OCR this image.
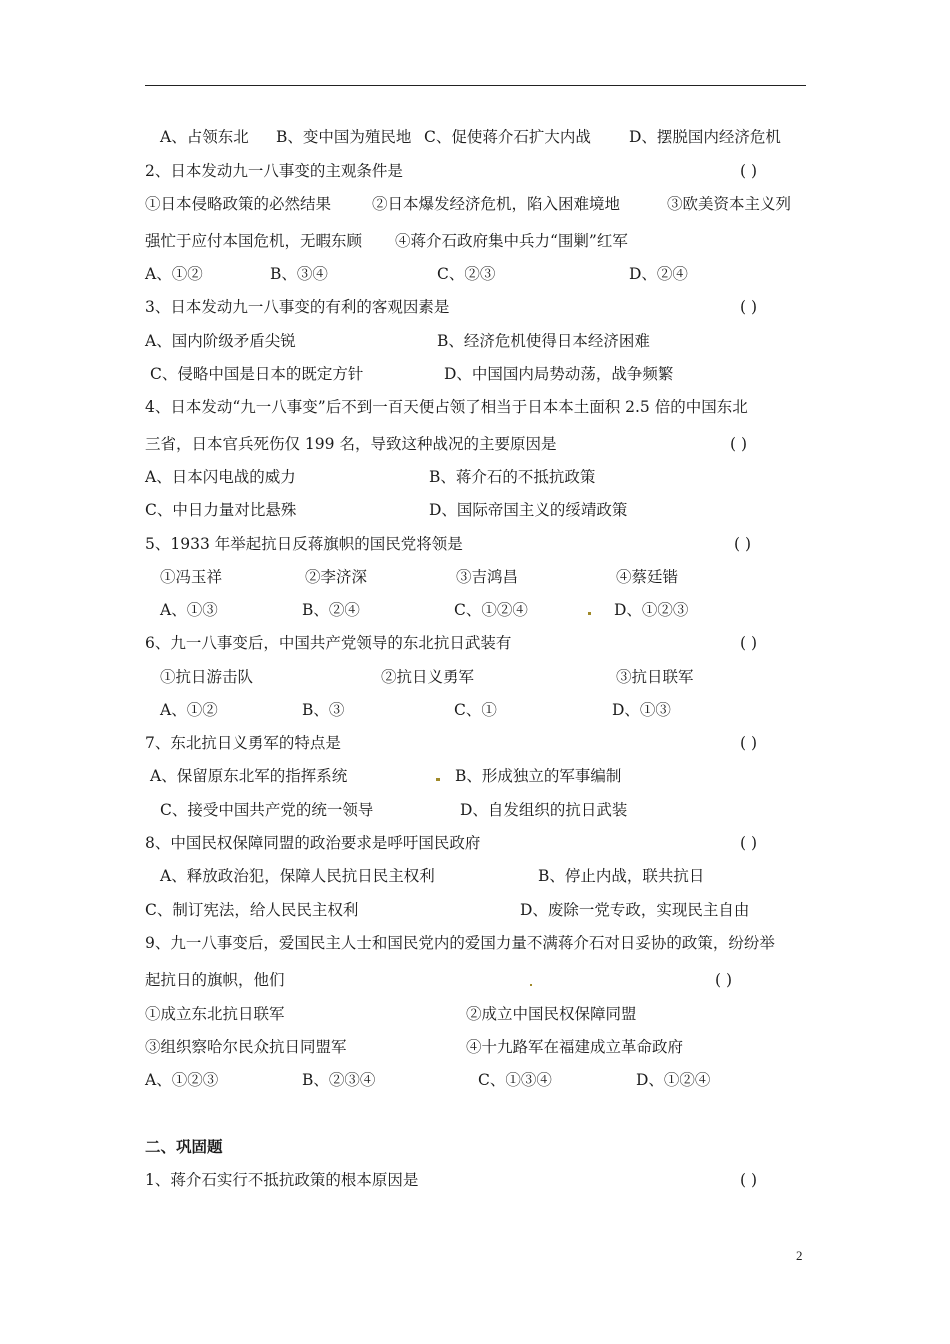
A、占领东北 B、变中国为殖民地 C、促使蒋介石扩大内战 D、摆脱国内经济危机
2、日本发动九一八事变的主观条件是	( )
①日本侵略政策的必然结果	②日本爆发经济危机，陷入困难境地	③欧美资本主义列
强忙于应付本国危机，无暇东顾 ④蒋介石政府集中兵力“围剿”红军
A、①②	B、③④	C、②③	D、②④
3、日本发动九一八事变的有利的客观因素是	( )
A、国内阶级矛盾尖锐	B、经济危机使得日本经济困难
C、侵略中国是日本的既定方针	D、中国国内局势动荡，战争频繁
4、日本发动“九一八事变”后不到一百天便占领了相当于日本本土面积 2.5 倍的中国东北
三省，日本官兵死伤仅 199 名，导致这种战况的主要原因是	( )
A、日本闪电战的威力	B、蒋介石的不抵抗政策
C、中日力量对比悬殊	D、国际帝国主义的绥靖政策
5、1933 年举起抗日反蒋旗帜的国民党将领是	( )
①冯玉祥	②李济深	③吉鸿昌	④蔡廷锴
A、①③	B、②④	C、①②④	D、①②③
6、九一八事变后，中国共产党领导的东北抗日武装有	( )
①抗日游击队	②抗日义勇军	③抗日联军
A、①②	B、③	C、①	D、①③
7、东北抗日义勇军的特点是	( )
A、保留原东北军的指挥系统	B、形成独立的军事编制
C、接受中国共产党的统一领导	D、自发组织的抗日武装
8、中国民权保障同盟的政治要求是呼吁国民政府	( )
A、释放政治犯，保障人民抗日民主权利	B、停止内战，联共抗日
C、制订宪法，给人民民主权利	D、废除一党专政，实现民主自由
9、九一八事变后，爱国民主人士和国民党内的爱国力量不满蒋介石对日妥协的政策，纷纷举
起抗日的旗帜，他们	( )
①成立东北抗日联军	②成立中国民权保障同盟
③组织察哈尔民众抗日同盟军	④十九路军在福建成立革命政府
A、①②③	B、②③④	C、①③④	D、①②④
二、巩固题
1、蒋介石实行不抵抗政策的根本原因是	( )
2
